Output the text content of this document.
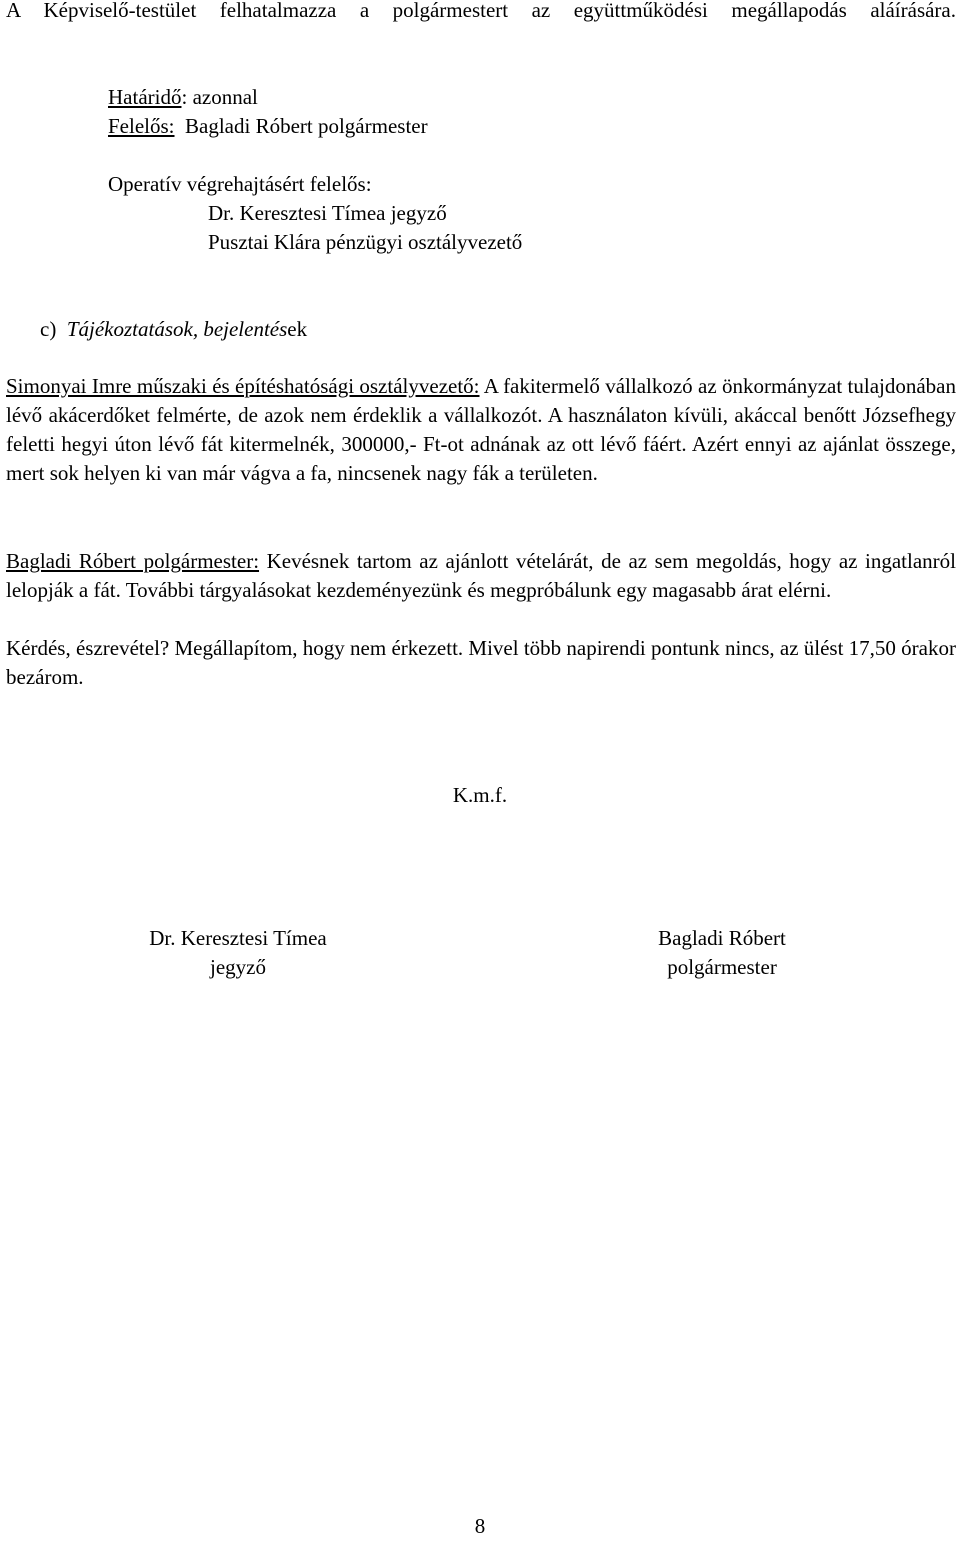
A Képviselő-testület felhatalmazza a polgármestert az együttműködési megállapodás aláírására.

Határidő: azonnal

Felelős: Bagladi Róbert polgármester

Operatív végrehajtásért felelős:

Dr. Keresztesi Tímea jegyző

Pusztai Klára pénzügyi osztályvezető

c) Tájékoztatások, bejelentések

Simonyai Imre műszaki és építéshatósági osztályvezető: A fakitermelő vállalkozó az önkormányzat tulajdonában lévő akácerdőket felmérte, de azok nem érdeklik a vállalkozót. A használaton kívüli, akáccal benőtt Józsefhegy feletti hegyi úton lévő fát kitermelnék, 300000,- Ft-ot adnának az ott lévő fáért. Azért ennyi az ajánlat összege, mert sok helyen ki van már vágva a fa, nincsenek nagy fák a területen.

Bagladi Róbert polgármester: Kevésnek tartom az ajánlott vételárát, de az sem megoldás, hogy az ingatlanról lelopják a fát. További tárgyalásokat kezdeményezünk és megpróbálunk egy magasabb árat elérni.

Kérdés, észrevétel? Megállapítom, hogy nem érkezett. Mivel több napirendi pontunk nincs, az ülést 17,50 órakor bezárom.

K.m.f.

Dr. Keresztesi Tímea
jegyző
Bagladi Róbert
polgármester
8
